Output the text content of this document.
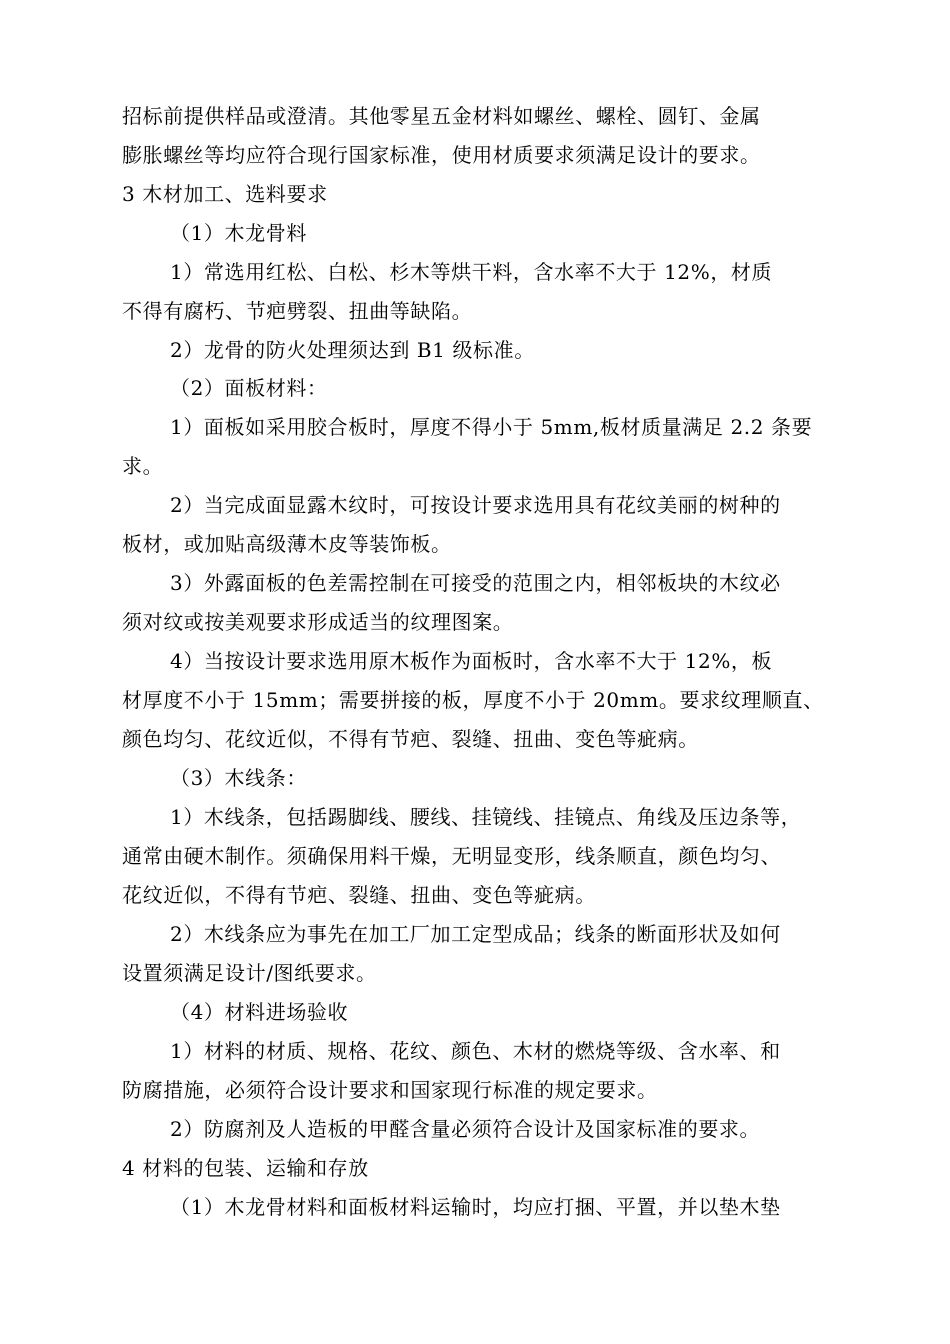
招标前提供样品或澄清。其他零星五金材料如螺丝、螺栓、圆钉、金属
膨胀螺丝等均应符合现行国家标准，使用材质要求须满足设计的要求。
3 木材加工、选料要求
（1）木龙骨料
1）常选用红松、白松、杉木等烘干料，含水率不大于 12%，材质
不得有腐朽、节疤劈裂、扭曲等缺陷。
2）龙骨的防火处理须达到 B1 级标准。
（2）面板材料：
1）面板如采用胶合板时，厚度不得小于 5mm,板材质量满足 2.2 条要
求。
2）当完成面显露木纹时，可按设计要求选用具有花纹美丽的树种的
板材，或加贴高级薄木皮等装饰板。
3）外露面板的色差需控制在可接受的范围之内，相邻板块的木纹必
须对纹或按美观要求形成适当的纹理图案。
4）当按设计要求选用原木板作为面板时，含水率不大于 12%，板
材厚度不小于 15mm；需要拼接的板，厚度不小于 20mm。要求纹理顺直、
颜色均匀、花纹近似，不得有节疤、裂缝、扭曲、变色等疵病。
（3）木线条：
1）木线条，包括踢脚线、腰线、挂镜线、挂镜点、角线及压边条等，
通常由硬木制作。须确保用料干燥，无明显变形，线条顺直，颜色均匀、
花纹近似，不得有节疤、裂缝、扭曲、变色等疵病。
2）木线条应为事先在加工厂加工定型成品；线条的断面形状及如何
设置须满足设计/图纸要求。
（4）材料进场验收
1）材料的材质、规格、花纹、颜色、木材的燃烧等级、含水率、和
防腐措施，必须符合设计要求和国家现行标准的规定要求。
2）防腐剂及人造板的甲醛含量必须符合设计及国家标准的要求。
4 材料的包装、运输和存放
（1）木龙骨材料和面板材料运输时，均应打捆、平置，并以垫木垫
